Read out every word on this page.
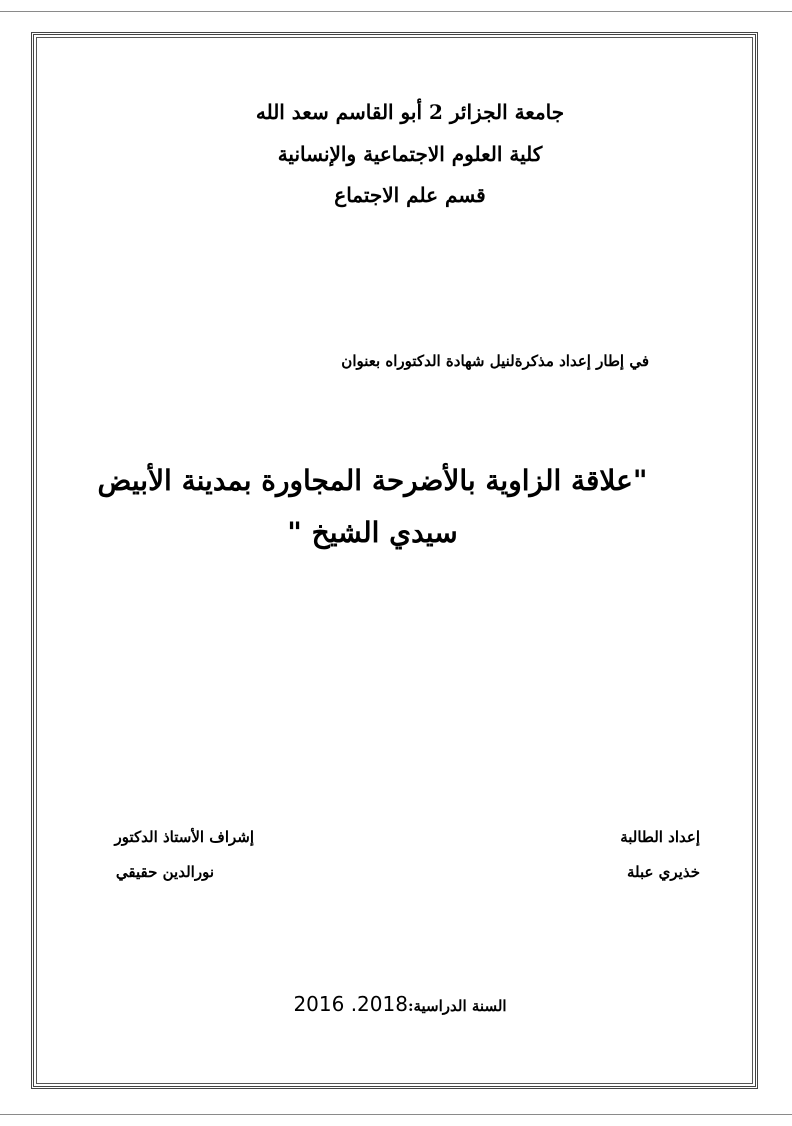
جامعة الجزائر 2 أبو القاسم سعد الله
كلية العلوم الاجتماعية والإنسانية
قسم علم الاجتماع
في إطار إعداد مذكرةلنيل شهادة الدكتوراه بعنوان
"علاقة الزاوية بالأضرحة المجاورة بمدينة الأبيض سيدي الشيخ "
إعداد الطالبة
خذيري عبلة
إشراف الأستاذ الدكتور
نورالدين حقيقي
السنة الدراسية:2016 .2018
